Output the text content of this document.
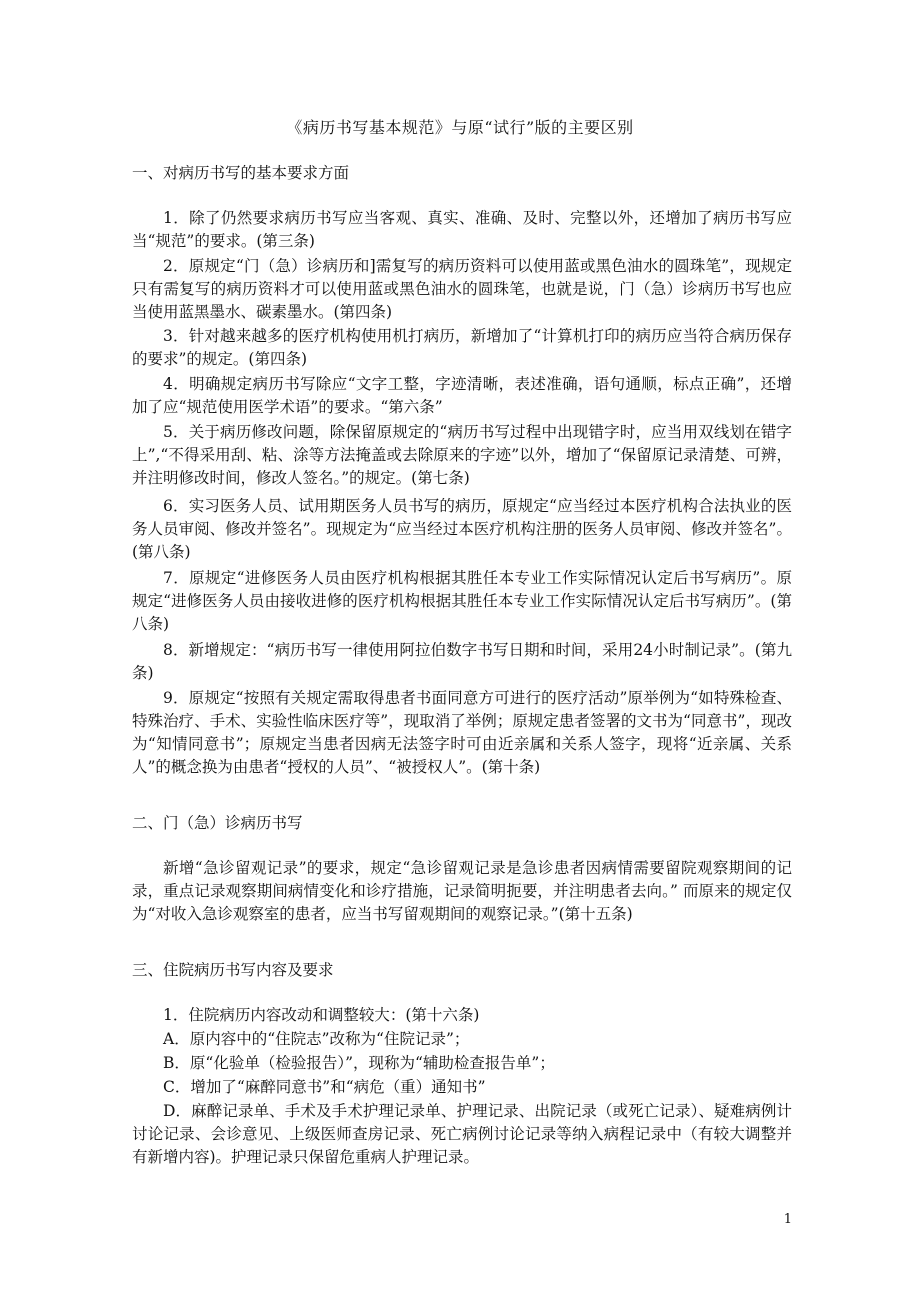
《病历书写基本规范》与原“试行”版的主要区别
一、对病历书写的基本要求方面
1．除了仍然要求病历书写应当客观、真实、准确、及时、完整以外，还增加了病历书写应当“规范”的要求。(第三条)
2．原规定“门（急）诊病历和]需复写的病历资料可以使用蓝或黑色油水的圆珠笔”，现规定只有需复写的病历资料才可以使用蓝或黑色油水的圆珠笔，也就是说，门（急）诊病历书写也应当使用蓝黑墨水、碳素墨水。(第四条)
3．针对越来越多的医疗机构使用机打病历，新增加了“计算机打印的病历应当符合病历保存的要求”的规定。(第四条)
4．明确规定病历书写除应“文字工整，字迹清晰，表述准确，语句通顺，标点正确”，还增加了应“规范使用医学术语”的要求。“第六条”
5．关于病历修改问题，除保留原规定的“病历书写过程中出现错字时，应当用双线划在错字上”,“不得采用刮、粘、涂等方法掩盖或去除原来的字迹”以外，增加了“保留原记录清楚、可辨，并注明修改时间，修改人签名。”的规定。(第七条)
6．实习医务人员、试用期医务人员书写的病历，原规定“应当经过本医疗机构合法执业的医务人员审阅、修改并签名”。现规定为“应当经过本医疗机构注册的医务人员审阅、修改并签名”。(第八条)
7．原规定“进修医务人员由医疗机构根据其胜任本专业工作实际情况认定后书写病历”。原规定“进修医务人员由接收进修的医疗机构根据其胜任本专业工作实际情况认定后书写病历”。(第八条)
8．新增规定：“病历书写一律使用阿拉伯数字书写日期和时间，采用24小时制记录”。(第九条)
9．原规定“按照有关规定需取得患者书面同意方可进行的医疗活动”原举例为“如特殊检查、特殊治疗、手术、实验性临床医疗等”，现取消了举例；原规定患者签署的文书为“同意书”，现改为“知情同意书”；原规定当患者因病无法签字时可由近亲属和关系人签字，现将“近亲属、关系人”的概念换为由患者“授权的人员”、“被授权人”。(第十条)
二、门（急）诊病历书写
新增“急诊留观记录”的要求，规定“急诊留观记录是急诊患者因病情需要留院观察期间的记录，重点记录观察期间病情变化和诊疗措施，记录简明扼要，并注明患者去向。” 而原来的规定仅为“对收入急诊观察室的患者，应当书写留观期间的观察记录。”(第十五条)
三、住院病历书写内容及要求
1．住院病历内容改动和调整较大：(第十六条)
A．原内容中的“住院志”改称为“住院记录”；
B．原“化验单（检验报告）”，现称为“辅助检查报告单”；
C．增加了“麻醉同意书”和“病危（重）通知书”
D．麻醉记录单、手术及手术护理记录单、护理记录、出院记录（或死亡记录）、疑难病例计讨论记录、会诊意见、上级医师查房记录、死亡病例讨论记录等纳入病程记录中（有较大调整并有新增内容)。护理记录只保留危重病人护理记录。
1
